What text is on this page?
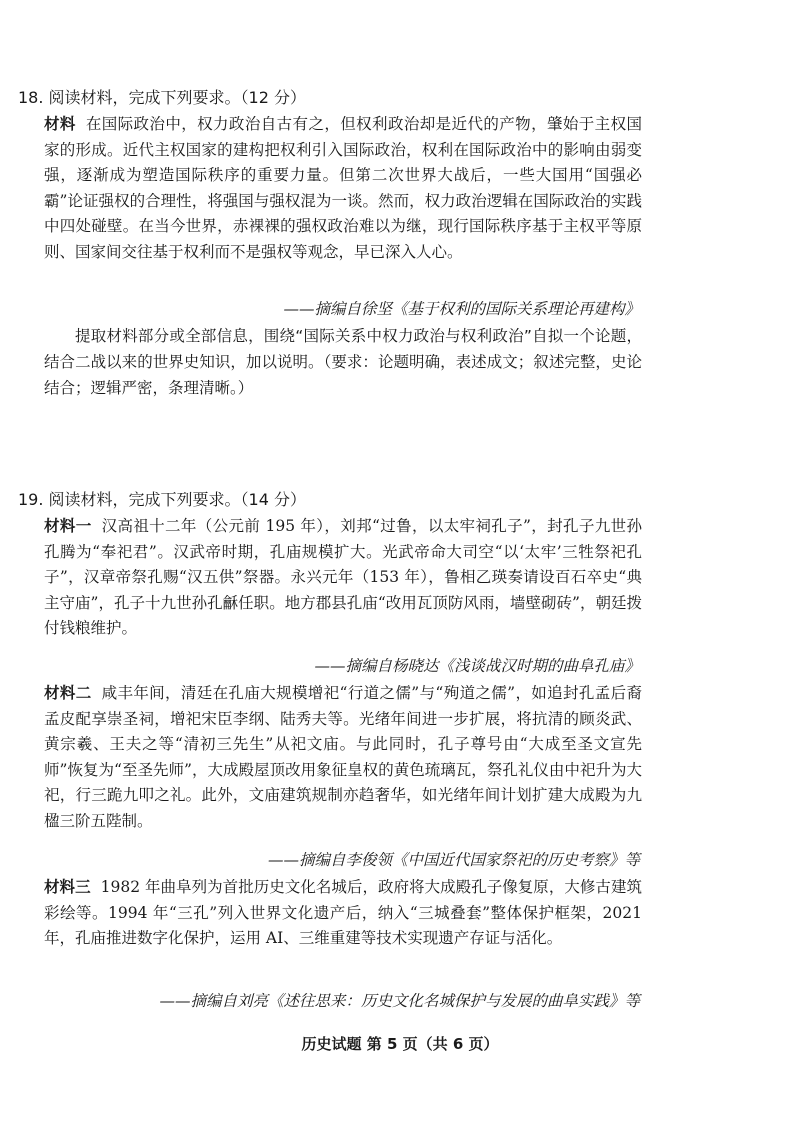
18. 阅读材料，完成下列要求。（12 分）

材料 在国际政治中，权力政治自古有之，但权利政治却是近代的产物，肇始于主权国家的形成。近代主权国家的建构把权利引入国际政治，权利在国际政治中的影响由弱变强，逐渐成为塑造国际秩序的重要力量。但第二次世界大战后，一些大国用“国强必霸”论证强权的合理性，将强国与强权混为一谈。然而，权力政治逻辑在国际政治的实践中四处碰壁。在当今世界，赤裸裸的强权政治难以为继，现行国际秩序基于主权平等原则、国家间交往基于权利而不是强权等观念，早已深入人心。

——摘编自徐坚《基于权利的国际关系理论再建构》

提取材料部分或全部信息，围绕“国际关系中权力政治与权利政治”自拟一个论题，结合二战以来的世界史知识，加以说明。（要求：论题明确，表述成文；叙述完整，史论结合；逻辑严密，条理清晰。）

19. 阅读材料，完成下列要求。（14 分）

材料一 汉高祖十二年（公元前 195 年），刘邦“过鲁，以太牢祠孔子”，封孔子九世孙孔腾为“奉祀君”。汉武帝时期，孔庙规模扩大。光武帝命大司空“以‘太牢’三牲祭祀孔子”，汉章帝祭孔赐“汉五供”祭器。永兴元年（153 年），鲁相乙瑛奏请设百石卒史“典主守庙”，孔子十九世孙孔龢任职。地方郡县孔庙“改用瓦顶防风雨，墙壁砌砖”，朝廷拨付钱粮维护。

——摘编自杨晓达《浅谈战汉时期的曲阜孔庙》

材料二 咸丰年间，清廷在孔庙大规模增祀“行道之儒”与“殉道之儒”，如追封孔孟后裔孟皮配享崇圣祠，增祀宋臣李纲、陆秀夫等。光绪年间进一步扩展，将抗清的顾炎武、黄宗羲、王夫之等“清初三先生”从祀文庙。与此同时，孔子尊号由“大成至圣文宣先师”恢复为“至圣先师”，大成殿屋顶改用象征皇权的黄色琉璃瓦，祭孔礼仪由中祀升为大祀，行三跪九叩之礼。此外，文庙建筑规制亦趋奢华，如光绪年间计划扩建大成殿为九楹三阶五陛制。

——摘编自李俊领《中国近代国家祭祀的历史考察》等

材料三 1982 年曲阜列为首批历史文化名城后，政府将大成殿孔子像复原，大修古建筑彩绘等。1994 年“三孔”列入世界文化遗产后，纳入“三城叠套”整体保护框架，2021 年，孔庙推进数字化保护，运用 AI、三维重建等技术实现遗产存证与活化。

——摘编自刘亮《述往思来：历史文化名城保护与发展的曲阜实践》等
历史试题 第 5 页（共 6 页）
